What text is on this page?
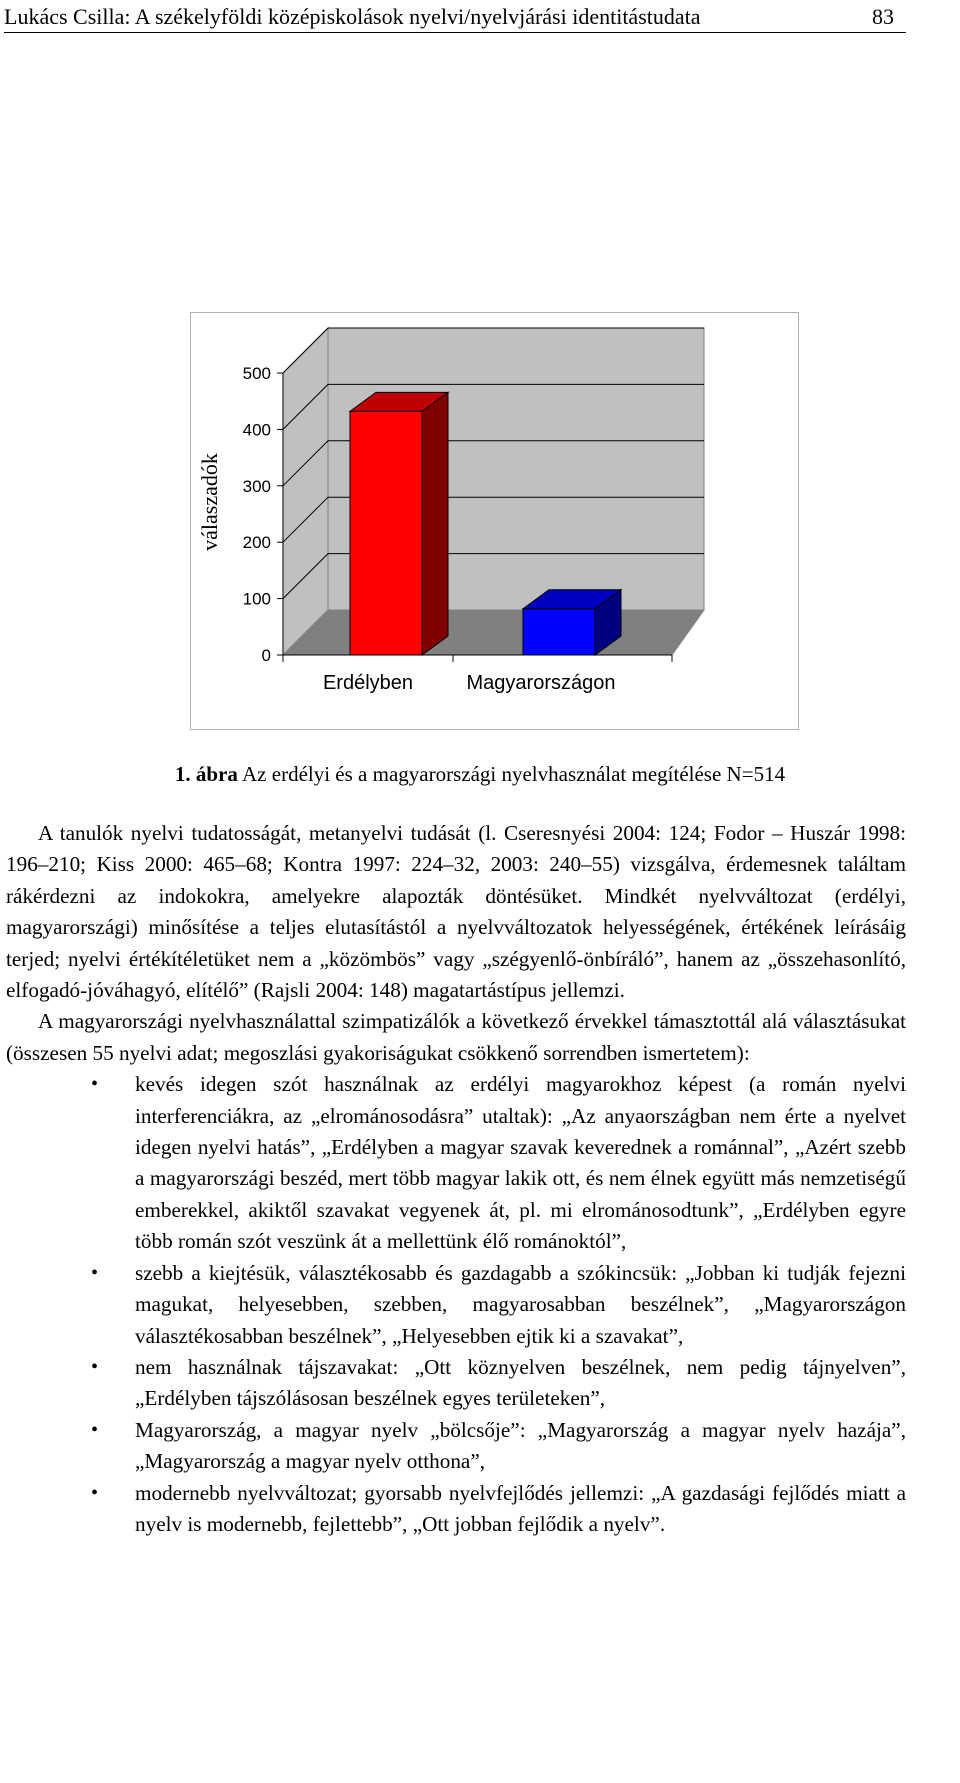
Lukács Csilla: A székelyföldi középiskolások nyelvi/nyelvjárási identitástudata	83
0
100
200
300
400
500
Erdélyben	Magyarországon
válaszadók
1. ábra Az erdélyi és a magyarországi nyelvhasználat megítélése N=514

A tanulók nyelvi tudatosságát, metanyelvi tudását (l. Cseresnyési 2004: 124; Fodor – Huszár 1998: 196–210; Kiss 2000: 465–68; Kontra 1997: 224–32, 2003: 240–55) vizsgálva, érdemesnek találtam rákérdezni az indokokra, amelyekre alapozták döntésüket. Mindkét nyelvváltozat (erdélyi, magyarországi) minősítése a teljes elutasítástól a nyelvváltozatok helyességének, értékének leírásáig terjed; nyelvi értékítéletüket nem a „közömbös” vagy „szégyenlő-önbíráló”, hanem az „összehasonlító, elfogadó-jóváhagyó, elítélő” (Rajsli 2004: 148) magatartástípus jellemzi.

A magyarországi nyelvhasználattal szimpatizálók a következő érvekkel támasztottál alá választásukat (összesen 55 nyelvi adat; megoszlási gyakoriságukat csökkenő sorrendben ismertetem):

• kevés idegen szót használnak az erdélyi magyarokhoz képest (a román nyelvi interferenciákra, az „elrománosodásra” utaltak): „Az anyaországban nem érte a nyelvet idegen nyelvi hatás”, „Erdélyben a magyar szavak keverednek a románnal”, „Azért szebb a magyarországi beszéd, mert több magyar lakik ott, és nem élnek együtt más nemzetiségű emberekkel, akiktől szavakat vegyenek át, pl. mi elrománosodtunk”, „Erdélyben egyre több román szót veszünk át a mellettünk élő románoktól”,
• szebb a kiejtésük, választékosabb és gazdagabb a szókincsük: „Jobban ki tudják fejezni magukat, helyesebben, szebben, magyarosabban beszélnek”, „Magyarországon választékosabban beszélnek”, „Helyesebben ejtik ki a szavakat”,
• nem használnak tájszavakat: „Ott köznyelven beszélnek, nem pedig tájnyelven”, „Erdélyben tájszólásosan beszélnek egyes területeken”,
• Magyarország, a magyar nyelv „bölcsője”: „Magyarország a magyar nyelv hazája”, „Magyarország a magyar nyelv otthona”,
• modernebb nyelvváltozat; gyorsabb nyelvfejlődés jellemzi: „A gazdasági fejlődés miatt a nyelv is modernebb, fejlettebb”, „Ott jobban fejlődik a nyelv”.
